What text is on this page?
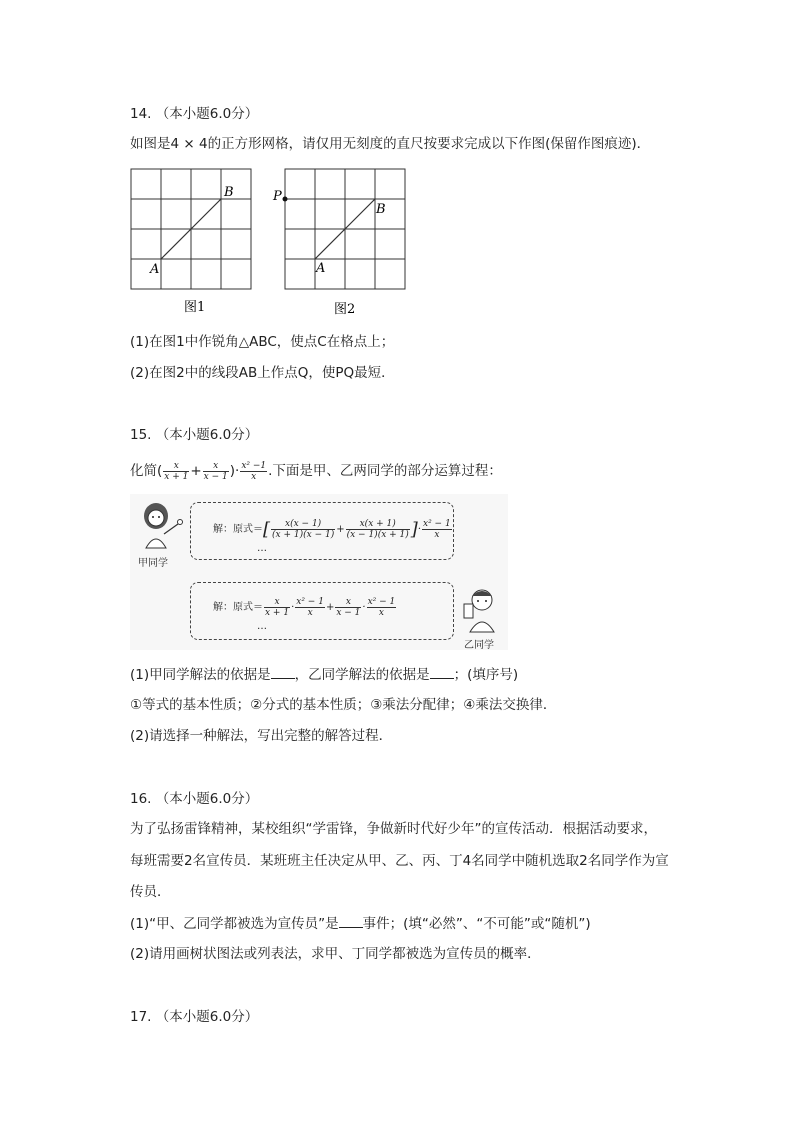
14. （本小题6.0分）
如图是4 × 4的正方形网格，请仅用无刻度的直尺按要求完成以下作图(保留作图痕迹)．
A
B
图1
P
A
B
图2
(1)在图1中作锐角△ABC，使点C在格点上；
(2)在图2中的线段AB上作点Q，使PQ最短．
15. （本小题6.0分）
化简( $\frac{x}{x + 1} + \frac{x}{x - 1}$ )· $\frac{\text{x² −1}}{x}$ .下面是甲、乙两同学的部分运算过程：
甲同学
解：原式＝[ $\frac{x(x - 1)}{(x + 1)(x - 1)} + \frac{x(x + 1)}{(x - 1)(x + 1)}$ ]· $\frac{\text{x² − 1}}{x}$
…
解：原式＝ $\frac{x}{x + 1} \cdot \frac{\text{x² − 1}}{x} + \frac{x}{x - 1} \cdot \frac{\text{x² − 1}}{x}$
…
乙同学
(1)甲同学解法的依据是 ，乙同学解法的依据是 ；(填序号)
①等式的基本性质；②分式的基本性质；③乘法分配律；④乘法交换律．
(2)请选择一种解法，写出完整的解答过程．
16. （本小题6.0分）
为了弘扬雷锋精神，某校组织“学雷锋，争做新时代好少年”的宣传活动．根据活动要求，
每班需要2名宣传员．某班班主任决定从甲、乙、丙、丁4名同学中随机选取2名同学作为宣
传员．
(1)“甲、乙同学都被选为宣传员”是 事件；(填“必然”、“不可能”或“随机”)
(2)请用画树状图法或列表法，求甲、丁同学都被选为宣传员的概率．
17. （本小题6.0分）
